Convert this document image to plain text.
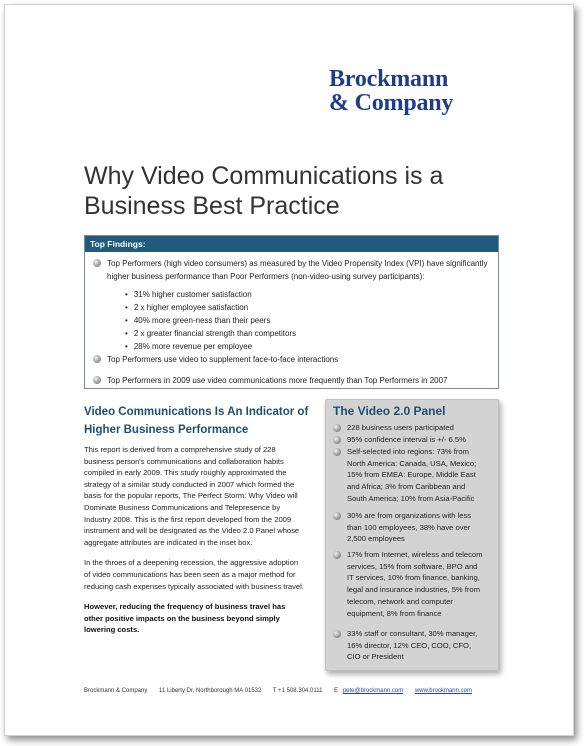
Brockmann
& Company
Why Video Communications is a
Business Best Practice
Top Findings:
Top Performers (high video consumers) as measured by the Video Propensity Index (VPI) have significantly
higher business performance than Poor Performers (non-video-using survey participants):
• 31% higher customer satisfaction
• 2 x higher employee satisfaction
• 40% more green-ness than their peers
• 2 x greater financial strength than competitors
• 28% more revenue per employee
Top Performers use video to supplement face-to-face interactions
Top Performers in 2009 use video communications more frequently than Top Performers in 2007
Video Communications Is An Indicator of
Higher Business Performance

This report is derived from a comprehensive study of 228
business person's communications and collaboration habits
compiled in early 2009. This study roughly approximated the
strategy of a similar study conducted in 2007 which formed the
basis for the popular reports, The Perfect Storm: Why Video will
Dominate Business Communications and Telepresence by
Industry 2008. This is the first report developed from the 2009
instrument and will be designated as the Video 2.0 Panel whose
aggregate attributes are indicated in the inset box.

In the throes of a deepening recession, the aggressive adoption
of video communications has been seen as a major method for
reducing cash expenses typically associated with business travel.

However, reducing the frequency of business travel has
other positive impacts on the business beyond simply
lowering costs.

The Video 2.0 Panel
228 business users participated
95% confidence interval is +/- 6.5%
Self-selected into regions: 73% from
North America: Canada, USA, Mexico;
15% from EMEA: Europe, Middle East
and Africa; 3% from Caribbean and
South America; 10% from Asia-Pacific
30% are from organizations with less
than 100 employees, 38% have over
2,500 employees
17% from Internet, wireless and telecom
services, 15% from software, BPO and
IT services, 10% from finance, banking,
legal and insurance industries, 5% from
telecom, network and computer
equipment, 8% from finance
33% staff or consultant, 30% manager,
16% director, 12% CEO, COO, CFO,
CIO or President
Brockmann & Company 11 Liberty Dr, Northborough MA 01532 T +1 508.304.0111 E pete@brockmann.com www.brockmann.com
